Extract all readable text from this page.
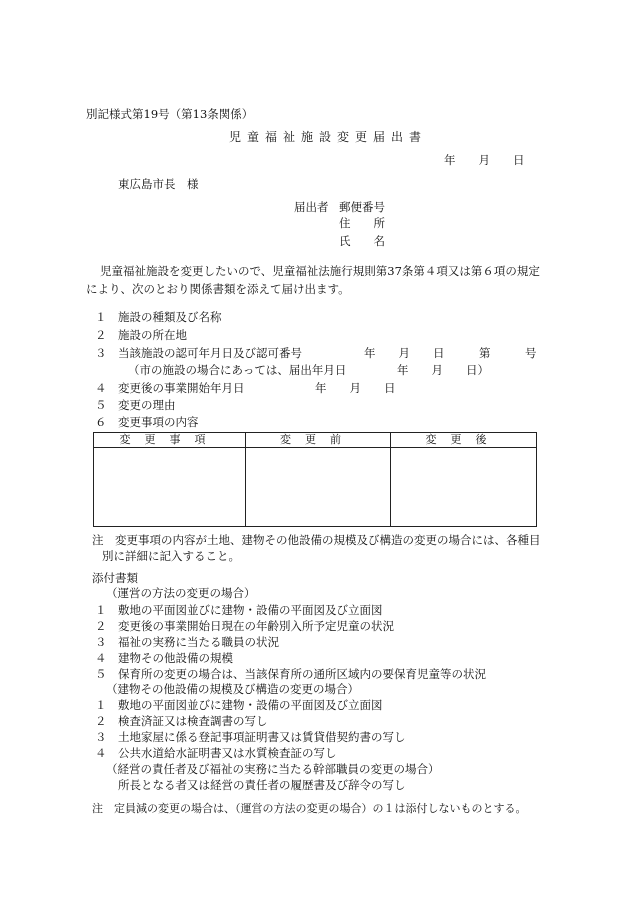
別記様式第19号（第13条関係）
児童福祉施設変更届出書
年　　月　　日
東広島市長　様
届出者 郵便番号
住　　所
氏　　名
児童福祉施設を変更したいので、児童福祉法施行規則第37条第４項又は第６項の規定
により、次のとおり関係書類を添えて届け出ます。
１ 施設の種類及び名称
２ 施設の所在地
３ 当該施設の認可年月日及び認可番号	年　　月　　日　　　第　　　号
（市の施設の場合にあっては、届出年月日	年　　月　　日）
４ 変更後の事業開始年月日	年　　月　　日
５ 変更の理由
６ 変更事項の内容
変更事項	変更前	変更後
注　変更事項の内容が土地、建物その他設備の規模及び構造の変更の場合には、各種目
別に詳細に記入すること。
添付書類
（運営の方法の変更の場合）
１ 敷地の平面図並びに建物・設備の平面図及び立面図
２ 変更後の事業開始日現在の年齢別入所予定児童の状況
３ 福祉の実務に当たる職員の状況
４ 建物その他設備の規模
５ 保育所の変更の場合は、当該保育所の通所区域内の要保育児童等の状況
（建物その他設備の規模及び構造の変更の場合）
１ 敷地の平面図並びに建物・設備の平面図及び立面図
２ 検査済証又は検査調書の写し
３ 土地家屋に係る登記事項証明書又は賃貸借契約書の写し
４ 公共水道給水証明書又は水質検査証の写し
（経営の責任者及び福祉の実務に当たる幹部職員の変更の場合）
所長となる者又は経営の責任者の履歴書及び辞令の写し
注　定員減の変更の場合は、（運営の方法の変更の場合）の１は添付しないものとする。
